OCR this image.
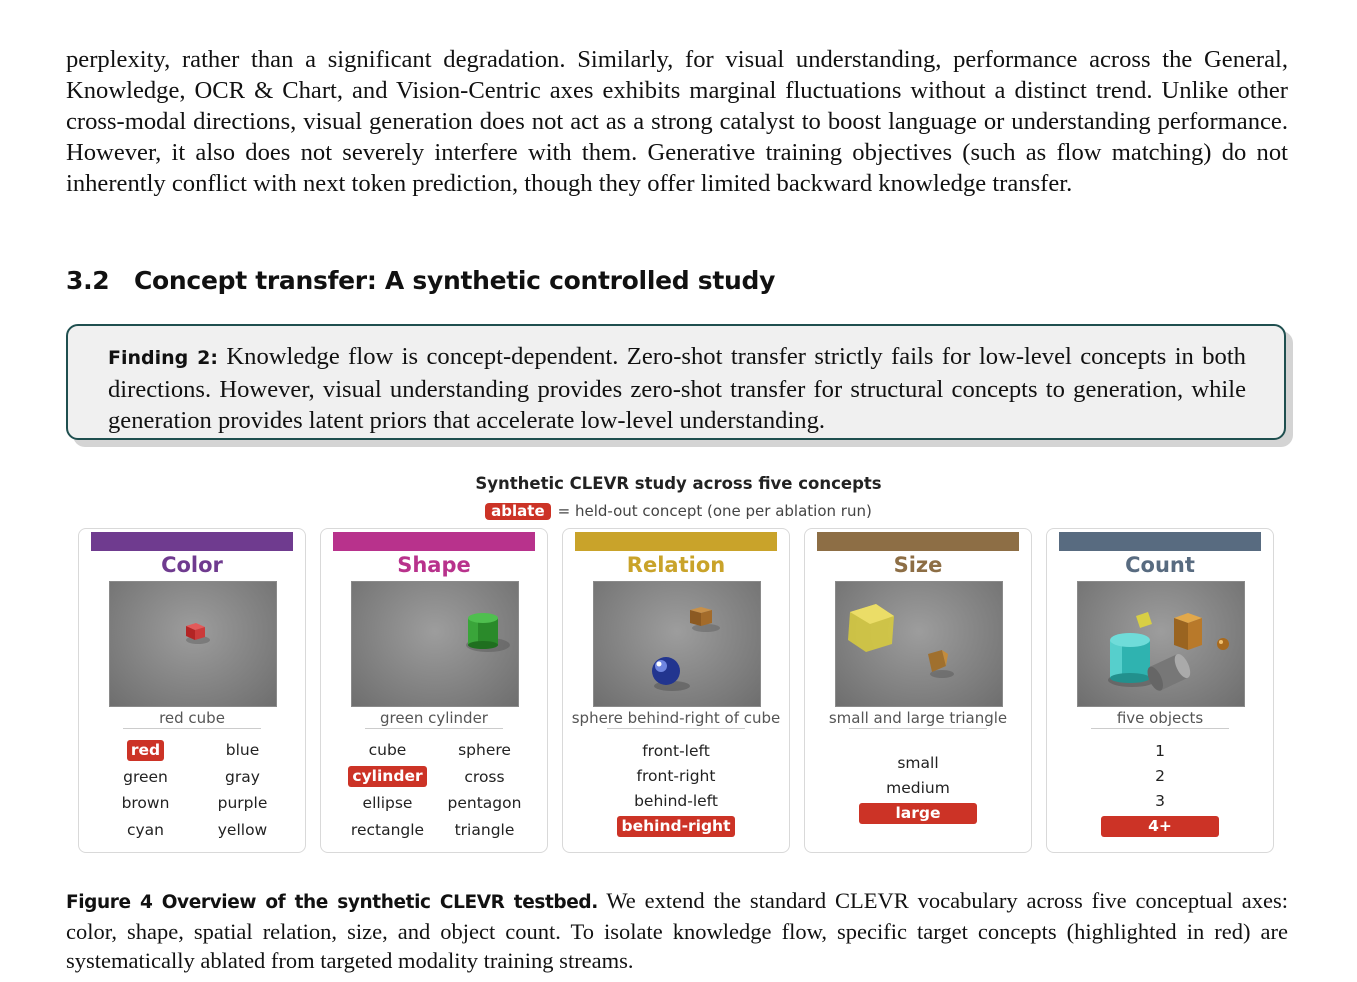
perplexity, rather than a significant degradation. Similarly, for visual understanding, performance across the General, Knowledge, OCR & Chart, and Vision-Centric axes exhibits marginal fluctuations without a distinct trend. Unlike other cross-modal directions, visual generation does not act as a strong catalyst to boost language or understanding performance. However, it also does not severely interfere with them. Generative training objectives (such as flow matching) do not inherently conflict with next token prediction, though they offer limited backward knowledge transfer.
3.2 Concept transfer: A synthetic controlled study
Finding 2: Knowledge flow is concept-dependent. Zero-shot transfer strictly fails for low-level concepts in both directions. However, visual understanding provides zero-shot transfer for structural concepts to generation, while generation provides latent priors that accelerate low-level understanding.
Synthetic CLEVR study across five concepts
ablate = held-out concept (one per ablation run)
Color
red cube
red	blue
green	gray
brown	purple
cyan	yellow
Shape
green cylinder
cube	sphere
cylinder	cross
ellipse	pentagon
rectangle	triangle
Relation
sphere behind-right of cube
front-left
front-right
behind-left
behind-right
Size
small and large triangle
small
medium
large
Count
five objects
1
2
3
4+
Figure 4 Overview of the synthetic CLEVR testbed. We extend the standard CLEVR vocabulary across five conceptual axes: color, shape, spatial relation, size, and object count. To isolate knowledge flow, specific target concepts (highlighted in red) are systematically ablated from targeted modality training streams.
